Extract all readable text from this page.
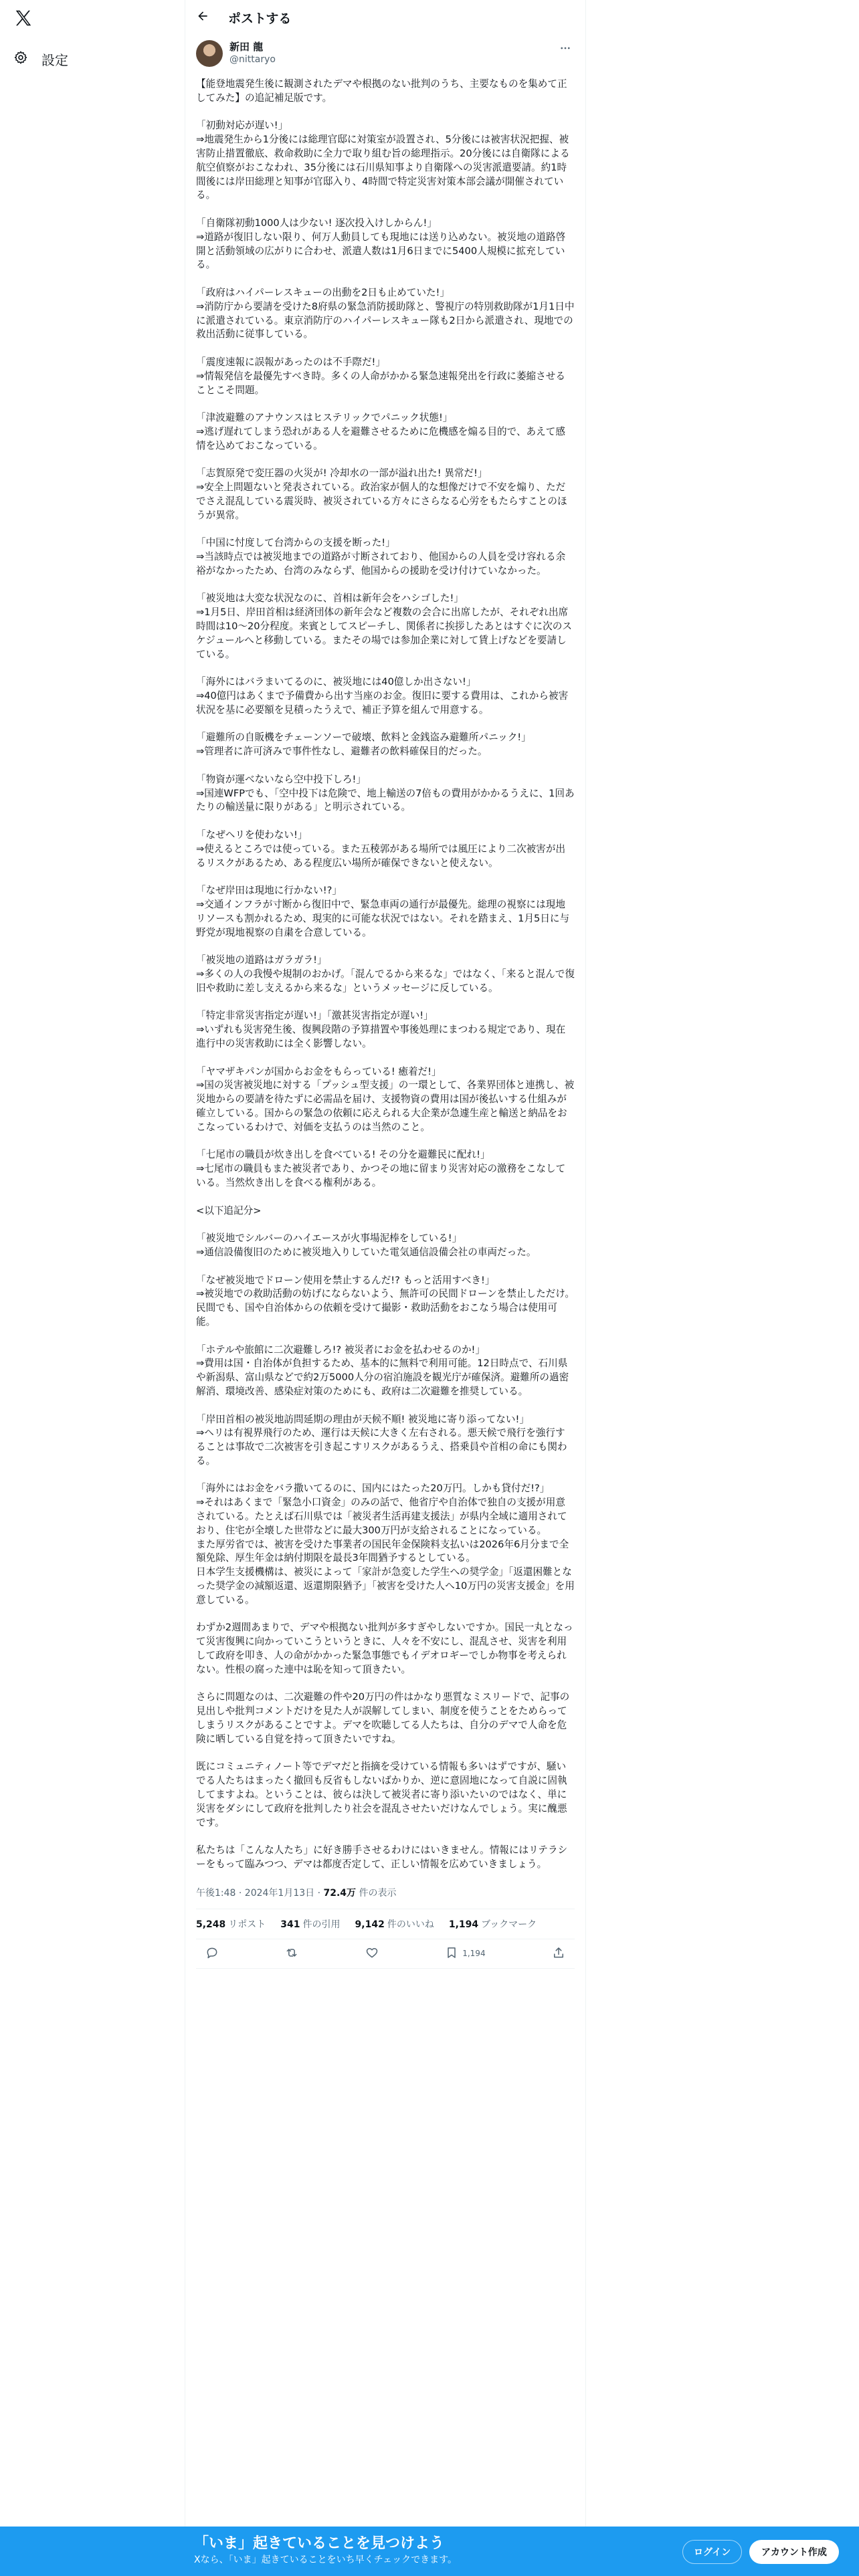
設定
ポストする
新田 龍
@nittaryo
【能登地震発生後に観測されたデマや根拠のない批判のうち、主要なものを集めて正してみた】の追記補足版です。
「初動対応が遅い!」
⇒地震発生から1分後には総理官邸に対策室が設置され、5分後には被害状況把握、被害防止措置徹底、救命救助に全力で取り組む旨の総理指示。20分後には自衛隊による航空偵察がおこなわれ、35分後には石川県知事より自衛隊への災害派遣要請。約1時間後には岸田総理と知事が官邸入り、4時間で特定災害対策本部会議が開催されている。
「自衛隊初動1000人は少ない! 逐次投入けしからん!」
⇒道路が復旧しない限り、何万人動員しても現地には送り込めない。被災地の道路啓開と活動領域の広がりに合わせ、派遣人数は1月6日までに5400人規模に拡充している。
「政府はハイパーレスキューの出動を2日も止めていた!」
⇒消防庁から要請を受けた8府県の緊急消防援助隊と、警視庁の特別救助隊が1月1日中に派遣されている。東京消防庁のハイパーレスキュー隊も2日から派遣され、現地での救出活動に従事している。
「震度速報に誤報があったのは不手際だ!」
⇒情報発信を最優先すべき時。多くの人命がかかる緊急速報発出を行政に萎縮させることこそ問題。
「津波避難のアナウンスはヒステリックでパニック状態!」
⇒逃げ遅れてしまう恐れがある人を避難させるために危機感を煽る目的で、あえて感情を込めておこなっている。
「志賀原発で変圧器の火災が! 冷却水の一部が溢れ出た! 異常だ!」
⇒安全上問題ないと発表されている。政治家が個人的な想像だけで不安を煽り、ただでさえ混乱している震災時、被災されている方々にさらなる心労をもたらすことのほうが異常。
「中国に忖度して台湾からの支援を断った!」
⇒当該時点では被災地までの道路が寸断されており、他国からの人員を受け容れる余裕がなかったため、台湾のみならず、他国からの援助を受け付けていなかった。
「被災地は大変な状況なのに、首相は新年会をハシゴした!」
⇒1月5日、岸田首相は経済団体の新年会など複数の会合に出席したが、それぞれ出席時間は10〜20分程度。来賓としてスピーチし、関係者に挨拶したあとはすぐに次のスケジュールへと移動している。またその場では参加企業に対して賃上げなどを要請している。
「海外にはバラまいてるのに、被災地には40億しか出さない!」
⇒40億円はあくまで予備費から出す当座のお金。復旧に要する費用は、これから被害状況を基に必要額を見積ったうえで、補正予算を組んで用意する。
「避難所の自販機をチェーンソーで破壊、飲料と金銭盗み避難所パニック!」
⇒管理者に許可済みで事件性なし、避難者の飲料確保目的だった。
「物資が運べないなら空中投下しろ!」
⇒国連WFPでも、「空中投下は危険で、地上輸送の7倍もの費用がかかるうえに、1回あたりの輸送量に限りがある」と明示されている。
「なぜヘリを使わない!」
⇒使えるところでは使っている。また五稜郭がある場所では風圧により二次被害が出るリスクがあるため、ある程度広い場所が確保できないと使えない。
「なぜ岸田は現地に行かない!?」
⇒交通インフラが寸断から復旧中で、緊急車両の通行が最優先。総理の視察には現地リソースも割かれるため、現実的に可能な状況ではない。それを踏まえ、1月5日に与野党が現地視察の自粛を合意している。
「被災地の道路はガラガラ!」
⇒多くの人の我慢や規制のおかげ。「混んでるから来るな」ではなく、「来ると混んで復旧や救助に差し支えるから来るな」というメッセージに反している。
「特定非常災害指定が遅い!」「激甚災害指定が遅い!」
⇒いずれも災害発生後、復興段階の予算措置や事後処理にまつわる規定であり、現在進行中の災害救助には全く影響しない。
「ヤマザキパンが国からお金をもらっている! 癒着だ!」
⇒国の災害被災地に対する「プッシュ型支援」の一環として、各業界団体と連携し、被災地からの要請を待たずに必需品を届け、支援物資の費用は国が後払いする仕組みが確立している。国からの緊急の依頼に応えられる大企業が急遽生産と輸送と納品をおこなっているわけで、対価を支払うのは当然のこと。
「七尾市の職員が炊き出しを食べている! その分を避難民に配れ!」
⇒七尾市の職員もまた被災者であり、かつその地に留まり災害対応の激務をこなしている。当然炊き出しを食べる権利がある。
<以下追記分>
「被災地でシルバーのハイエースが火事場泥棒をしている!」
⇒通信設備復旧のために被災地入りしていた電気通信設備会社の車両だった。
「なぜ被災地でドローン使用を禁止するんだ!? もっと活用すべき!」
⇒被災地での救助活動の妨げにならないよう、無許可の民間ドローンを禁止しただけ。民間でも、国や自治体からの依頼を受けて撮影・救助活動をおこなう場合は使用可能。
「ホテルや旅館に二次避難しろ!? 被災者にお金を払わせるのか!」
⇒費用は国・自治体が負担するため、基本的に無料で利用可能。12日時点で、石川県や新潟県、富山県などで約2万5000人分の宿泊施設を観光庁が確保済。避難所の過密解消、環境改善、感染症対策のためにも、政府は二次避難を推奨している。
「岸田首相の被災地訪問延期の理由が天候不順! 被災地に寄り添ってない!」
⇒ヘリは有視界飛行のため、運行は天候に大きく左右される。悪天候で飛行を強行することは事故で二次被害を引き起こすリスクがあるうえ、搭乗員や首相の命にも関わる。
「海外にはお金をバラ撒いてるのに、国内にはたった20万円。しかも貸付だ!?」
⇒それはあくまで「緊急小口資金」のみの話で、他省庁や自治体で独自の支援が用意されている。たとえば石川県では「被災者生活再建支援法」が県内全域に適用されており、住宅が全壊した世帯などに最大300万円が支給されることになっている。
また厚労省では、被害を受けた事業者の国民年金保険料支払いは2026年6月分まで全額免除、厚生年金は納付期限を最長3年間猶予するとしている。
日本学生支援機構は、被災によって「家計が急変した学生への奨学金」「返還困難となった奨学金の減額返還、返還期限猶予」「被害を受けた人へ10万円の災害支援金」を用意している。
わずか2週間あまりで、デマや根拠ない批判が多すぎやしないですか。国民一丸となって災害復興に向かっていこうというときに、人々を不安にし、混乱させ、災害を利用して政府を叩き、人の命がかかった緊急事態でもイデオロギーでしか物事を考えられない。性根の腐った連中は恥を知って頂きたい。
さらに問題なのは、二次避難の件や20万円の件はかなり悪質なミスリードで、記事の見出しや批判コメントだけを見た人が誤解してしまい、制度を使うことをためらってしまうリスクがあることですよ。デマを吹聴してる人たちは、自分のデマで人命を危険に晒している自覚を持って頂きたいですね。
既にコミュニティノート等でデマだと指摘を受けている情報も多いはずですが、騒いでる人たちはまったく撤回も反省もしないばかりか、逆に意固地になって自説に固執してますよね。ということは、彼らは決して被災者に寄り添いたいのではなく、単に災害をダシにして政府を批判したり社会を混乱させたいだけなんでしょう。実に醜悪です。
私たちは「こんな人たち」に好き勝手させるわけにはいきません。情報にはリテラシーをもって臨みつつ、デマは都度否定して、正しい情報を広めていきましょう。
午後1:48 · 2024年1月13日 · 72.4万 件の表示
5,248 リポスト 341 件の引用 9,142 件のいいね 1,194 ブックマーク
1,194
「いま」起きていることを見つけよう
Xなら、「いま」起きていることをいち早くチェックできます。
ログイン	アカウント作成
